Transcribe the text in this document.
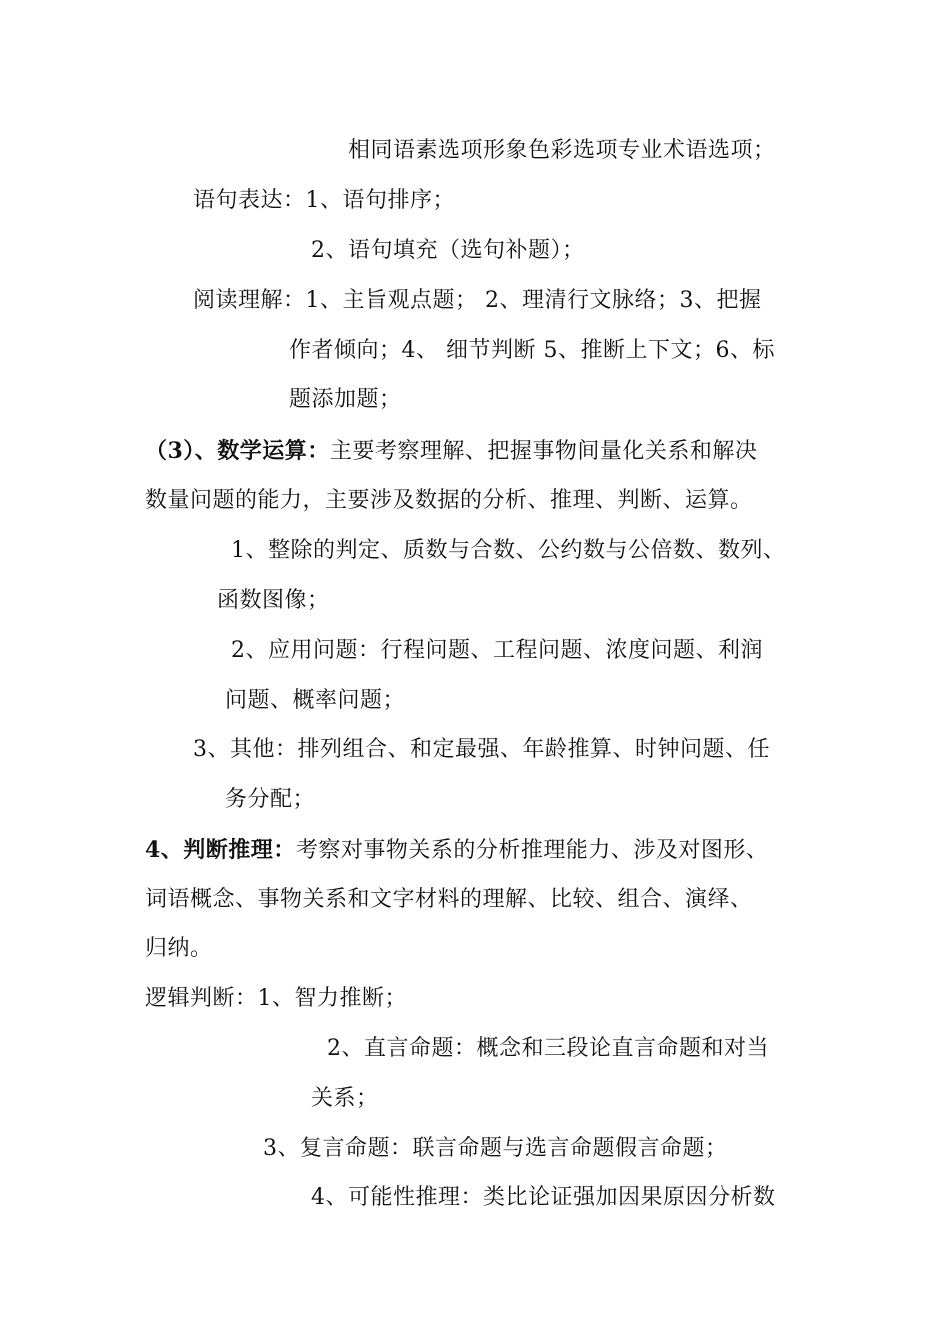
相同语素选项形象色彩选项专业术语选项；
语句表达：1、语句排序；
2、语句填充（选句补题）；
阅读理解：1、主旨观点题； 2、理清行文脉络；3、把握
作者倾向；4、 细节判断 5、推断上下文；6、标
题添加题；
（3）、数学运算：主要考察理解、把握事物间量化关系和解决
数量问题的能力，主要涉及数据的分析、推理、判断、运算。
1、整除的判定、质数与合数、公约数与公倍数、数列、
函数图像；
2、应用问题：行程问题、工程问题、浓度问题、利润
问题、概率问题；
3、其他：排列组合、和定最强、年龄推算、时钟问题、任
务分配；
4、判断推理：考察对事物关系的分析推理能力、涉及对图形、
词语概念、事物关系和文字材料的理解、比较、组合、演绎、
归纳。
逻辑判断：1、智力推断；
2、直言命题：概念和三段论直言命题和对当
关系；
3、复言命题：联言命题与选言命题假言命题；
4、可能性推理：类比论证强加因果原因分析数
